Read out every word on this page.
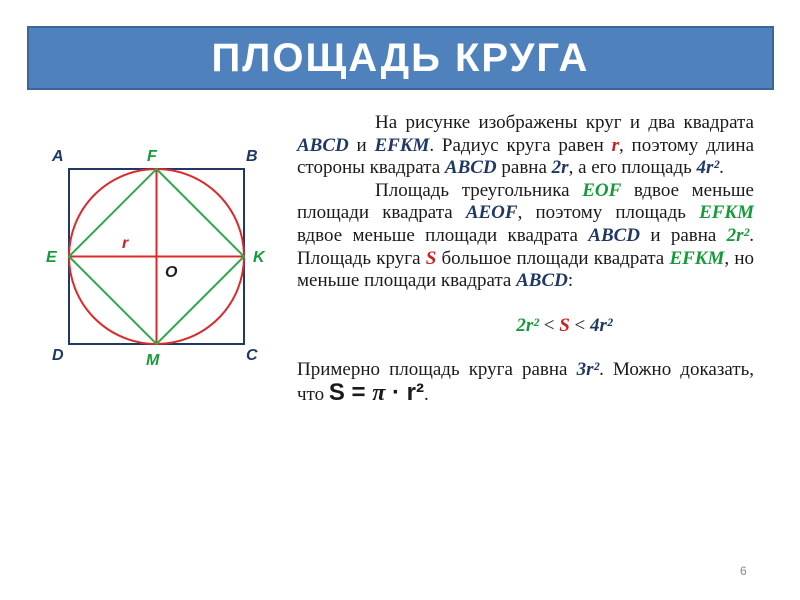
ПЛОЩАДЬ КРУГА
A	F	B
E	K
r
O
D	M	C

На рисунке изображены круг и два квадрата ABCD и EFKM. Радиус круга равен r, поэтому длина стороны квадрата ABCD равна 2r, а его площадь 4r².

Площадь треугольника EOF вдвое меньше площади квадрата AEOF, поэтому площадь EFKM вдвое меньше площади квадрата ABCD и равна 2r². Площадь круга S большое площади квадрата EFKM, но меньше площади квадрата ABCD:

2r² < S < 4r²

Примерно площадь круга равна 3r². Можно доказать, что S = π · r².

6
